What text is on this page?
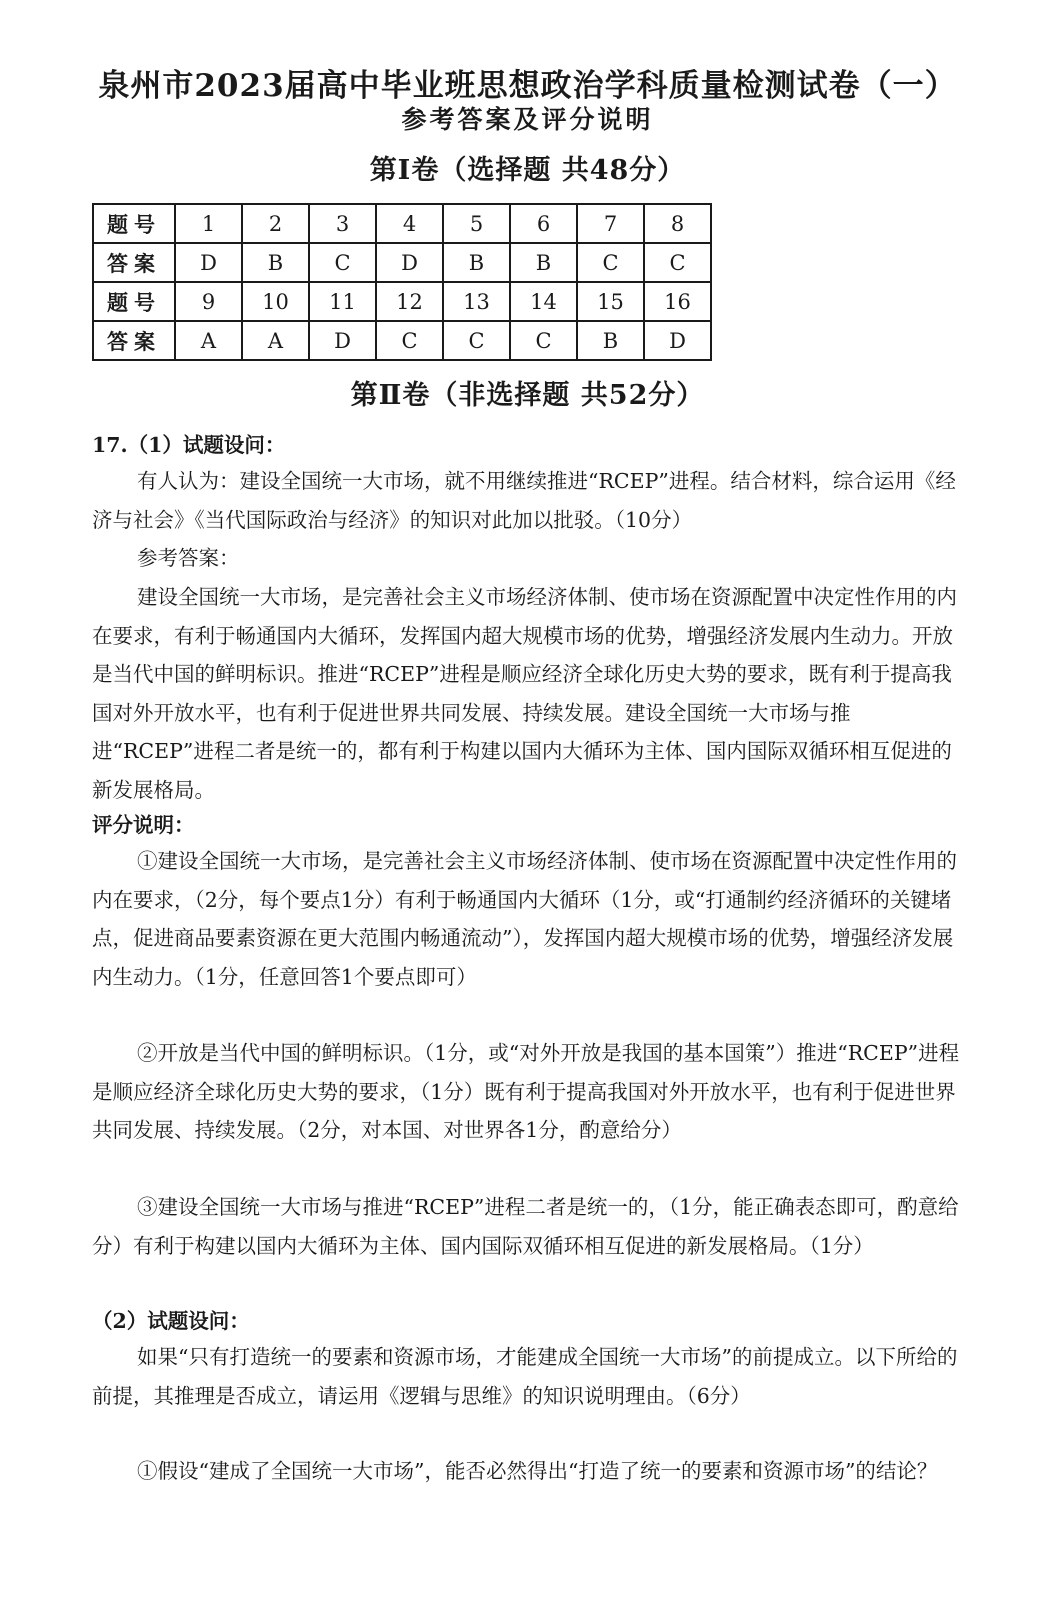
泉州市2023届高中毕业班思想政治学科质量检测试卷（一）
参考答案及评分说明
第Ⅰ卷（选择题 共48分）
题号	1	2	3	4	5	6	7	8
答案	D	B	C	D	B	B	C	C
题号	9	10	11	12	13	14	15	16
答案	A	A	D	C	C	C	B	D
第Ⅱ卷（非选择题 共52分）
17.（1）试题设问：
有人认为：建设全国统一大市场，就不用继续推进“RCEP”进程。结合材料，综合运用《经济与社会》《当代国际政治与经济》的知识对此加以批驳。（10分）
参考答案：
建设全国统一大市场，是完善社会主义市场经济体制、使市场在资源配置中决定性作用的内在要求，有利于畅通国内大循环，发挥国内超大规模市场的优势，增强经济发展内生动力。开放是当代中国的鲜明标识。推进“RCEP”进程是顺应经济全球化历史大势的要求，既有利于提高我国对外开放水平，也有利于促进世界共同发展、持续发展。建设全国统一大市场与推进“RCEP”进程二者是统一的，都有利于构建以国内大循环为主体、国内国际双循环相互促进的新发展格局。
评分说明：
①建设全国统一大市场，是完善社会主义市场经济体制、使市场在资源配置中决定性作用的内在要求，（2分，每个要点1分）有利于畅通国内大循环（1分，或“打通制约经济循环的关键堵点，促进商品要素资源在更大范围内畅通流动”），发挥国内超大规模市场的优势，增强经济发展内生动力。（1分，任意回答1个要点即可）
②开放是当代中国的鲜明标识。（1分，或“对外开放是我国的基本国策”）推进“RCEP”进程是顺应经济全球化历史大势的要求，（1分）既有利于提高我国对外开放水平，也有利于促进世界共同发展、持续发展。（2分，对本国、对世界各1分，酌意给分）
③建设全国统一大市场与推进“RCEP”进程二者是统一的，（1分，能正确表态即可，酌意给分）有利于构建以国内大循环为主体、国内国际双循环相互促进的新发展格局。（1分）
（2）试题设问：
如果“只有打造统一的要素和资源市场，才能建成全国统一大市场”的前提成立。以下所给的前提，其推理是否成立，请运用《逻辑与思维》的知识说明理由。（6分）
①假设“建成了全国统一大市场”，能否必然得出“打造了统一的要素和资源市场”的结论？
